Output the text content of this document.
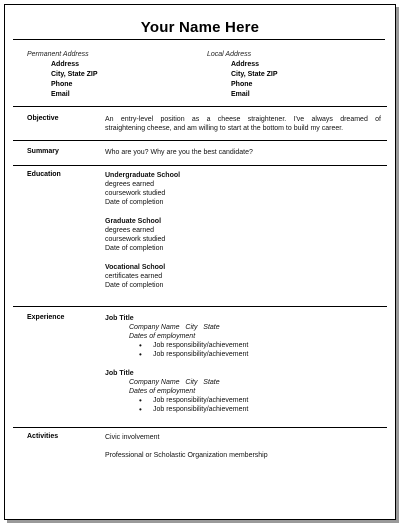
Your Name Here
Permanent Address
Address
City, State ZIP
Phone
Email
Local Address
Address
City, State ZIP
Phone
Email
Objective	An entry-level position as a cheese straightener. I've always dreamed of
straightening cheese, and am willing to start at the bottom to build my career.
Summary	Who are you? Why are you the best candidate?
Education	Undergraduate School
degrees earned
coursework studied
Date of completion
Graduate School
degrees earned
coursework studied
Date of completion
Vocational School
certificates earned
Date of completion
Experience	Job Title
Company Name   City   State
Dates of employment
• Job responsibility/achievement
• Job responsibility/achievement
Job Title
Company Name   City   State
Dates of employment
• Job responsibility/achievement
• Job responsibility/achievement
Activities	Civic involvement
Professional or Scholastic Organization membership
